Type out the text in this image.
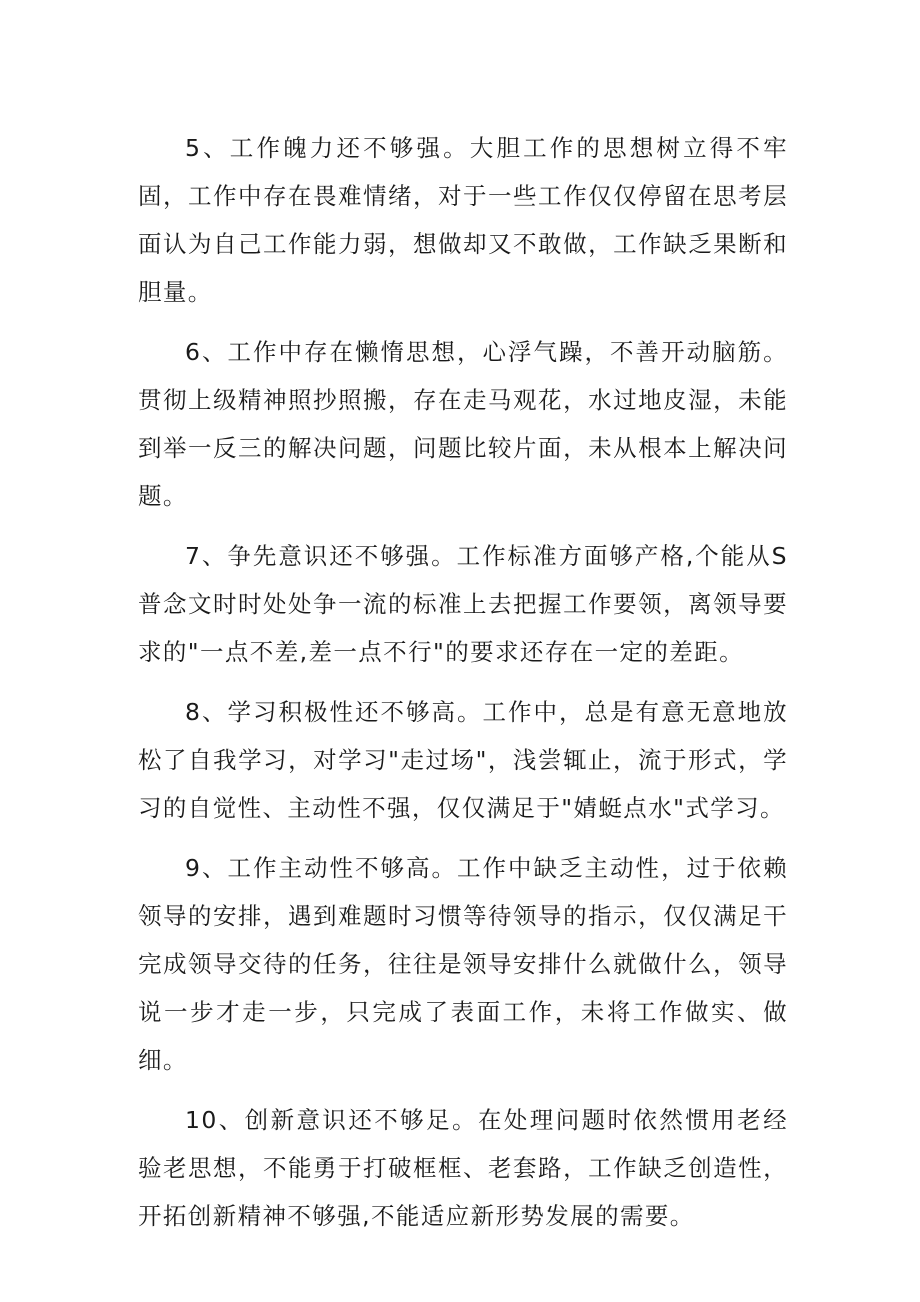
5、工作魄力还不够强。大胆工作的思想树立得不牢固，工作中存在畏难情绪，对于一些工作仅仅停留在思考层面认为自己工作能力弱，想做却又不敢做，工作缺乏果断和胆量。

6、工作中存在懒惰思想，心浮气躁，不善开动脑筋。贯彻上级精神照抄照搬，存在走马观花，水过地皮湿，未能到举一反三的解决问题，问题比较片面，未从根本上解决问题。

7、争先意识还不够强。工作标准方面够产格,个能从S普念文时时处处争一流的标准上去把握工作要领，离领导要求的"一点不差,差一点不行"的要求还存在一定的差距。

8、学习积极性还不够高。工作中，总是有意无意地放松了自我学习，对学习"走过场"，浅尝辄止，流于形式，学习的自觉性、主动性不强，仅仅满足于"婧蜓点水"式学习。

9、工作主动性不够高。工作中缺乏主动性，过于依赖领导的安排，遇到难题时习惯等待领导的指示，仅仅满足干完成领导交待的任务，往往是领导安排什么就做什么，领导说一步才走一步，只完成了表面工作，未将工作做实、做细。

10、创新意识还不够足。在处理问题时依然惯用老经验老思想，不能勇于打破框框、老套路，工作缺乏创造性，开拓创新精神不够强,不能适应新形势发展的需要。
